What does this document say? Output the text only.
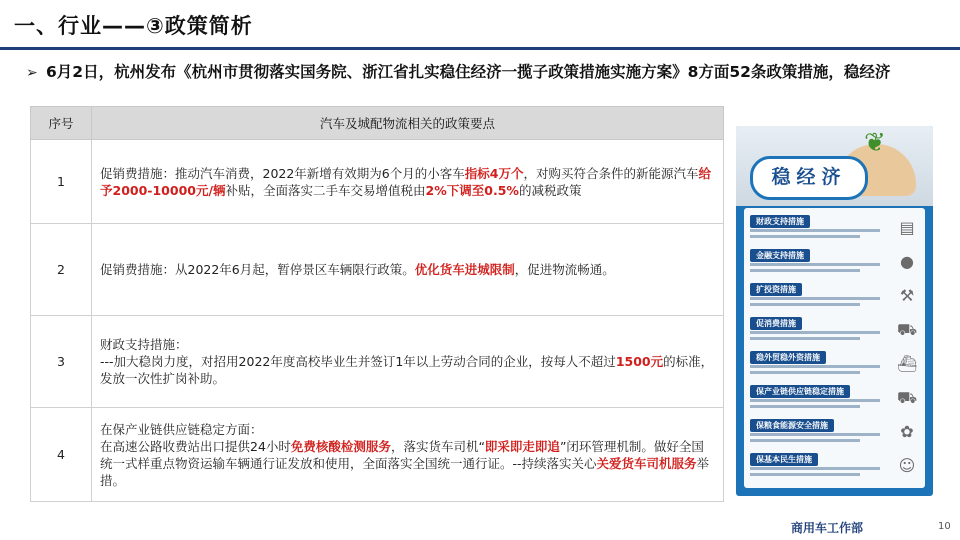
一、行业——③政策简析
➢ 6月2日，杭州发布《杭州市贯彻落实国务院、浙江省扎实稳住经济一揽子政策措施实施方案》8方面52条政策措施，稳经济
序号	汽车及城配物流相关的政策要点
1	促销费措施：推动汽车消费，2022年新增有效期为6个月的小客车指标4万个，对购买符合条件的新能源汽车给予2000-10000元/辆补贴，全面落实二手车交易增值税由2%下调至0.5%的减税政策
2	促销费措施：从2022年6月起，暂停景区车辆限行政策。优化货车进城限制，促进物流畅通。
3	财政支持措施：
---加大稳岗力度，对招用2022年度高校毕业生并签订1年以上劳动合同的企业，按每人不超过1500元的标准，发放一次性扩岗补助。
4	在保产业链供应链稳定方面：
在高速公路收费站出口提供24小时免费核酸检测服务，落实货车司机“即采即走即追”闭环管理机制。做好全国统一式样重点物资运输车辆通行证发放和使用，全面落实全国统一通行证。--持续落实关心关爱货车司机服务举措。
❦
稳经济
财政支持措施	▤
金融支持措施	●
扩投资措施	⚒
促消费措施	⛟
稳外贸稳外资措施	⛴
保产业链供应链稳定措施	⛟
保粮食能源安全措施	✿
保基本民生措施	☺
商用车工作部	10
